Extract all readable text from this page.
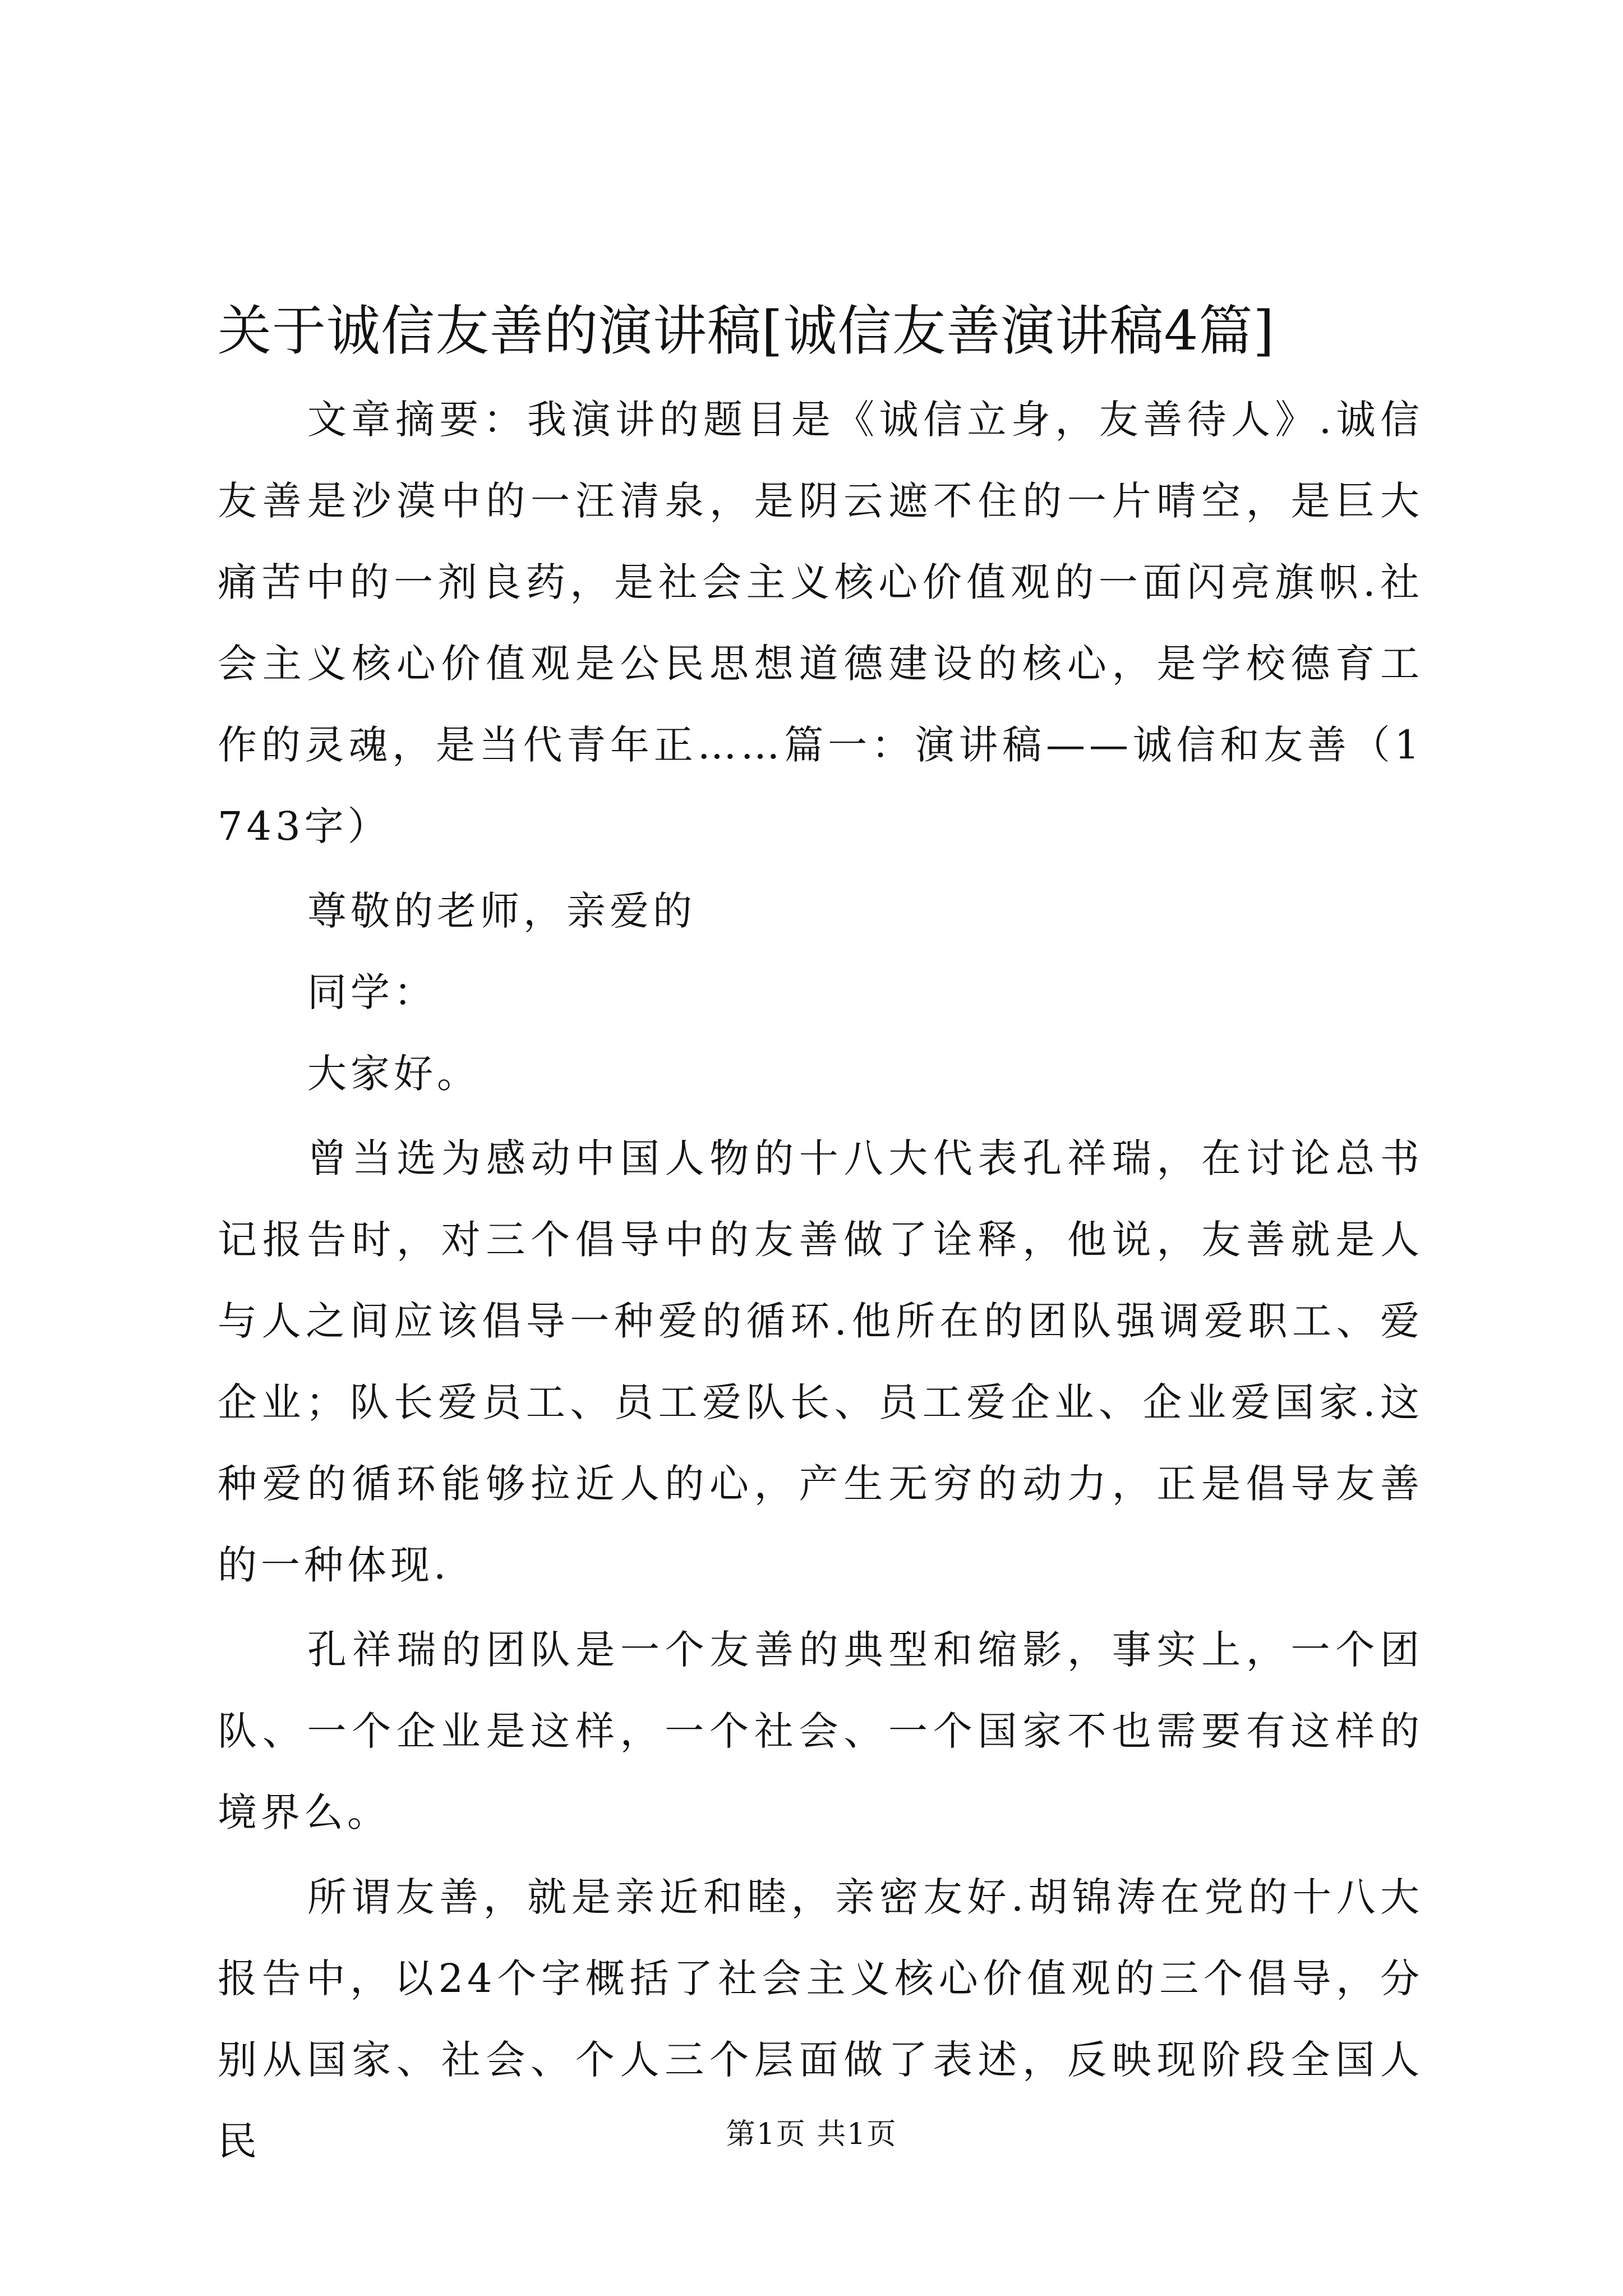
关于诚信友善的演讲稿[诚信友善演讲稿4篇]

文章摘要：我演讲的题目是《诚信立身，友善待人》.诚信友善是沙漠中的一汪清泉，是阴云遮不住的一片晴空，是巨大痛苦中的一剂良药，是社会主义核心价值观的一面闪亮旗帜.社会主义核心价值观是公民思想道德建设的核心，是学校德育工作的灵魂，是当代青年正……篇一：演讲稿——诚信和友善（1743字）

尊敬的老师，亲爱的

同学：

大家好。

曾当选为感动中国人物的十八大代表孔祥瑞，在讨论总书记报告时，对三个倡导中的友善做了诠释，他说，友善就是人与人之间应该倡导一种爱的循环.他所在的团队强调爱职工、爱企业；队长爱员工、员工爱队长、员工爱企业、企业爱国家.这种爱的循环能够拉近人的心，产生无穷的动力，正是倡导友善的一种体现.

孔祥瑞的团队是一个友善的典型和缩影，事实上，一个团队、一个企业是这样，一个社会、一个国家不也需要有这样的境界么。

所谓友善，就是亲近和睦，亲密友好.胡锦涛在党的十八大报告中，以24个字概括了社会主义核心价值观的三个倡导，分别从国家、社会、个人三个层面做了表述，反映现阶段全国人民	第1页 共1页
